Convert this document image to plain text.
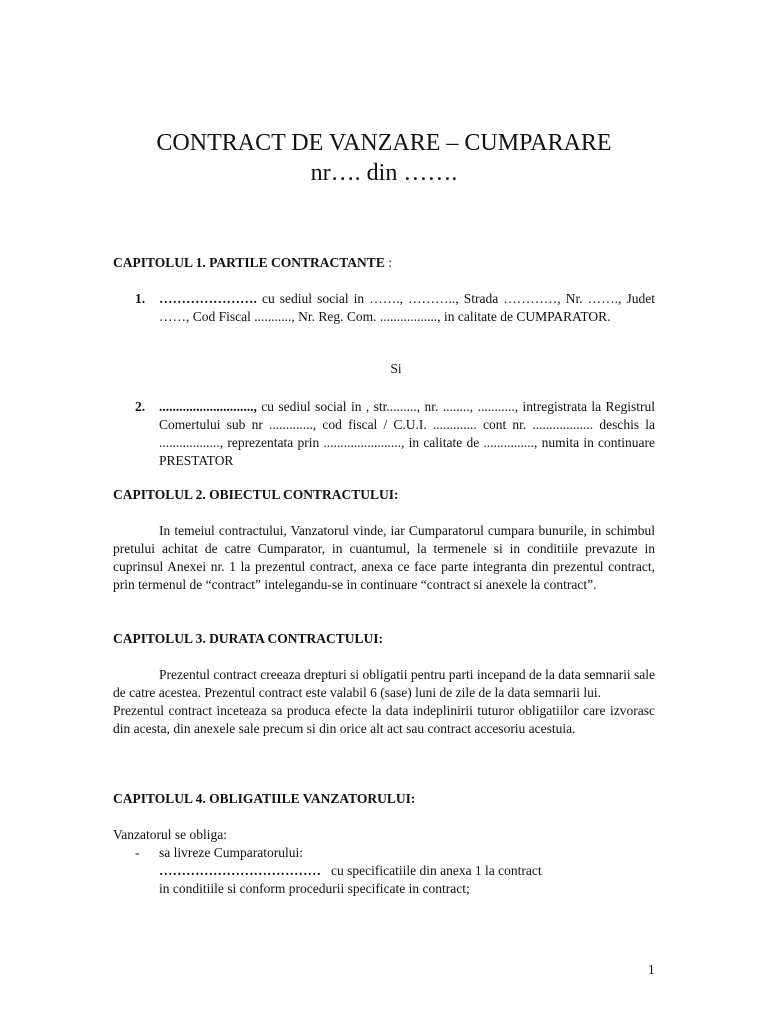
CONTRACT DE VANZARE – CUMPARARE
nr…. din …….
CAPITOLUL 1. PARTILE CONTRACTANTE :
1. …………………. cu sediul social in ……., ……….., Strada …………, Nr. ……., Judet ……, Cod Fiscal ..........., Nr. Reg. Com. ................., in calitate de CUMPARATOR.
Si
2. ............................, cu sediul social in , str........., nr. ........, ..........., intregistrata la Registrul Comertului sub nr ............., cod fiscal / C.U.I. ............. cont nr. .................. deschis la .................., reprezentata prin ......................., in calitate de ..............., numita in continuare PRESTATOR
CAPITOLUL 2. OBIECTUL CONTRACTULUI:
In temeiul contractului, Vanzatorul vinde, iar Cumparatorul cumpara bunurile, in schimbul pretului achitat de catre Cumparator, in cuantumul, la termenele si in conditiile prevazute in cuprinsul Anexei nr. 1 la prezentul contract, anexa ce face parte integranta din prezentul contract, prin termenul de “contract” intelegandu-se in continuare “contract si anexele la contract”.
CAPITOLUL 3. DURATA CONTRACTULUI:
Prezentul contract creeaza drepturi si obligatii pentru parti incepand de la data semnarii sale de catre acestea. Prezentul contract este valabil 6 (sase) luni de zile de la data semnarii lui.
Prezentul contract inceteaza sa produca efecte la data indeplinirii tuturor obligatiilor care izvorasc din acesta, din anexele sale precum si din orice alt act sau contract accesoriu acestuia.
CAPITOLUL 4. OBLIGATIILE VANZATORULUI:
Vanzatorul se obliga:
- sa livreze Cumparatorului:
……………………………… cu specificatiile din anexa 1 la contract
in conditiile si conform procedurii specificate in contract;
1
